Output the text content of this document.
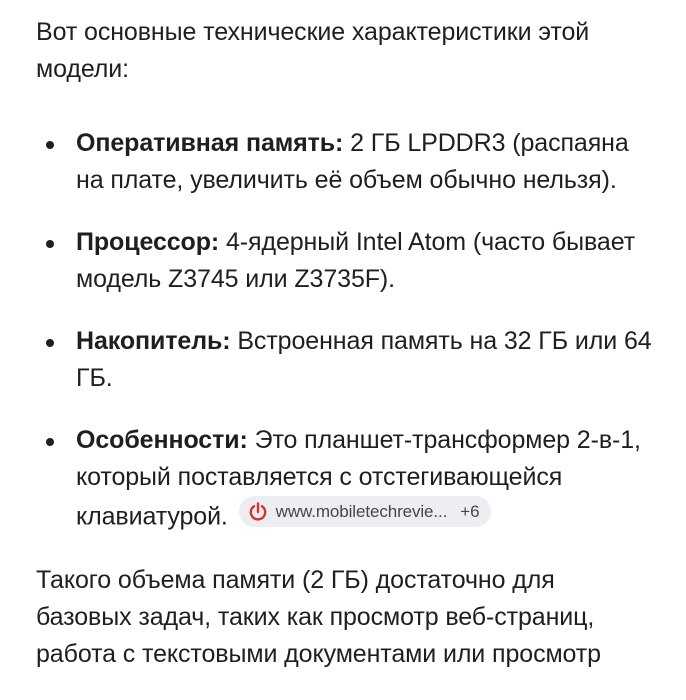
Вот основные технические характеристики этой модели:

Оперативная память: 2 ГБ LPDDR3 (распаяна на плате, увеличить её объем обычно нельзя).
Процессор: 4-ядерный Intel Atom (часто бывает модель Z3745 или Z3735F).
Накопитель: Встроенная память на 32 ГБ или 64 ГБ.
Особенности: Это планшет-трансформер 2-в-1, который поставляется с отстегивающейся клавиатурой.	www.mobiletechrevie... +6

Такого объема памяти (2 ГБ) достаточно для базовых задач, таких как просмотр веб-страниц, работа с текстовыми документами или просмотр
